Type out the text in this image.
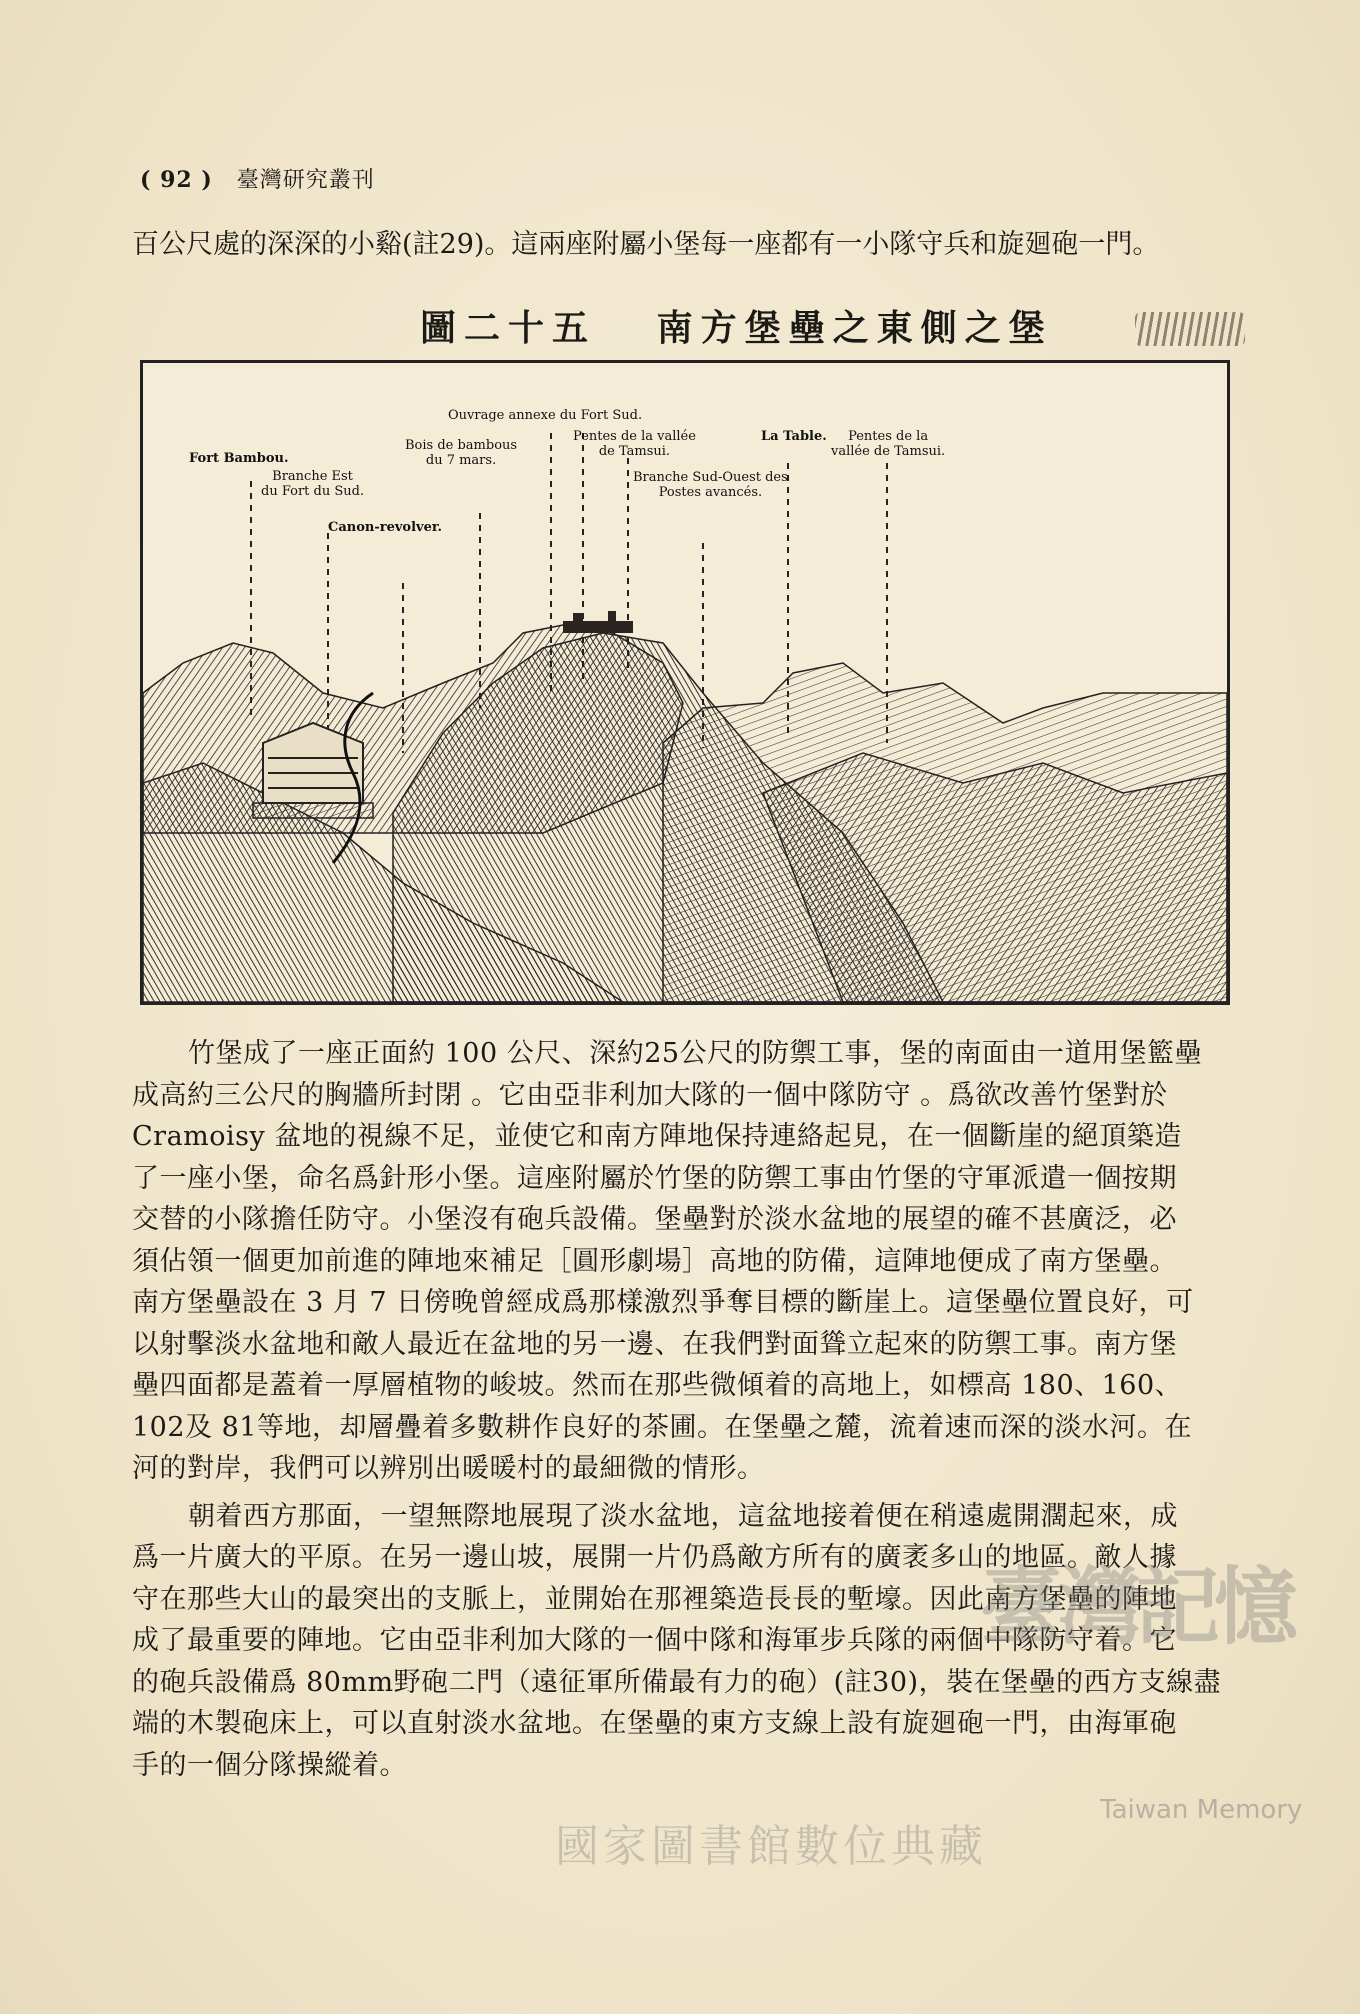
( 92 ) 臺灣研究叢刊
百公尺處的深深的小谿(註29)。這兩座附屬小堡每一座都有一小隊守兵和旋廻砲一門。
圖二十五 南方堡壘之東側之堡
Fort Bambou.
Branche Est
du Fort du Sud.
Canon-revolver.
Bois de bambous
du 7 mars.
Ouvrage annexe du Fort Sud.
Pentes de la vallée
de Tamsui.
Branche Sud-Ouest des
Postes avancés.
La Table.	Pentes de la
vallée de Tamsui.
竹堡成了一座正面約 100 公尺、深約25公尺的防禦工事，堡的南面由一道用堡籃壘
成高約三公尺的胸牆所封閉 。它由亞非利加大隊的一個中隊防守 。爲欲改善竹堡對於
Cramoisy 盆地的視線不足，並使它和南方陣地保持連絡起見，在一個斷崖的絕頂築造
了一座小堡，命名爲針形小堡。這座附屬於竹堡的防禦工事由竹堡的守軍派遣一個按期
交替的小隊擔任防守。小堡沒有砲兵設備。堡壘對於淡水盆地的展望的確不甚廣泛，必
須佔領一個更加前進的陣地來補足［圓形劇場］高地的防備，這陣地便成了南方堡壘。
南方堡壘設在 3 月 7 日傍晚曾經成爲那樣激烈爭奪目標的斷崖上。這堡壘位置良好，可
以射擊淡水盆地和敵人最近在盆地的另一邊、在我們對面聳立起來的防禦工事。南方堡
壘四面都是蓋着一厚層植物的峻坡。然而在那些微傾着的高地上，如標高 180、160、
102及 81等地，却層疊着多數耕作良好的茶圃。在堡壘之麓，流着速而深的淡水河。在
河的對岸，我們可以辨別出暖暖村的最細微的情形。
朝着西方那面，一望無際地展現了淡水盆地，這盆地接着便在稍遠處開濶起來，成
爲一片廣大的平原。在另一邊山坡，展開一片仍爲敵方所有的廣袤多山的地區。敵人據
守在那些大山的最突出的支脈上，並開始在那裡築造長長的塹壕。因此南方堡壘的陣地
成了最重要的陣地。它由亞非利加大隊的一個中隊和海軍步兵隊的兩個中隊防守着。它
的砲兵設備爲 80mm野砲二門（遠征軍所備最有力的砲）(註30)，裝在堡壘的西方支線盡
端的木製砲床上，可以直射淡水盆地。在堡壘的東方支線上設有旋廻砲一門，由海軍砲
手的一個分隊操縱着。
臺灣記憶
Taiwan Memory
國家圖書館數位典藏
